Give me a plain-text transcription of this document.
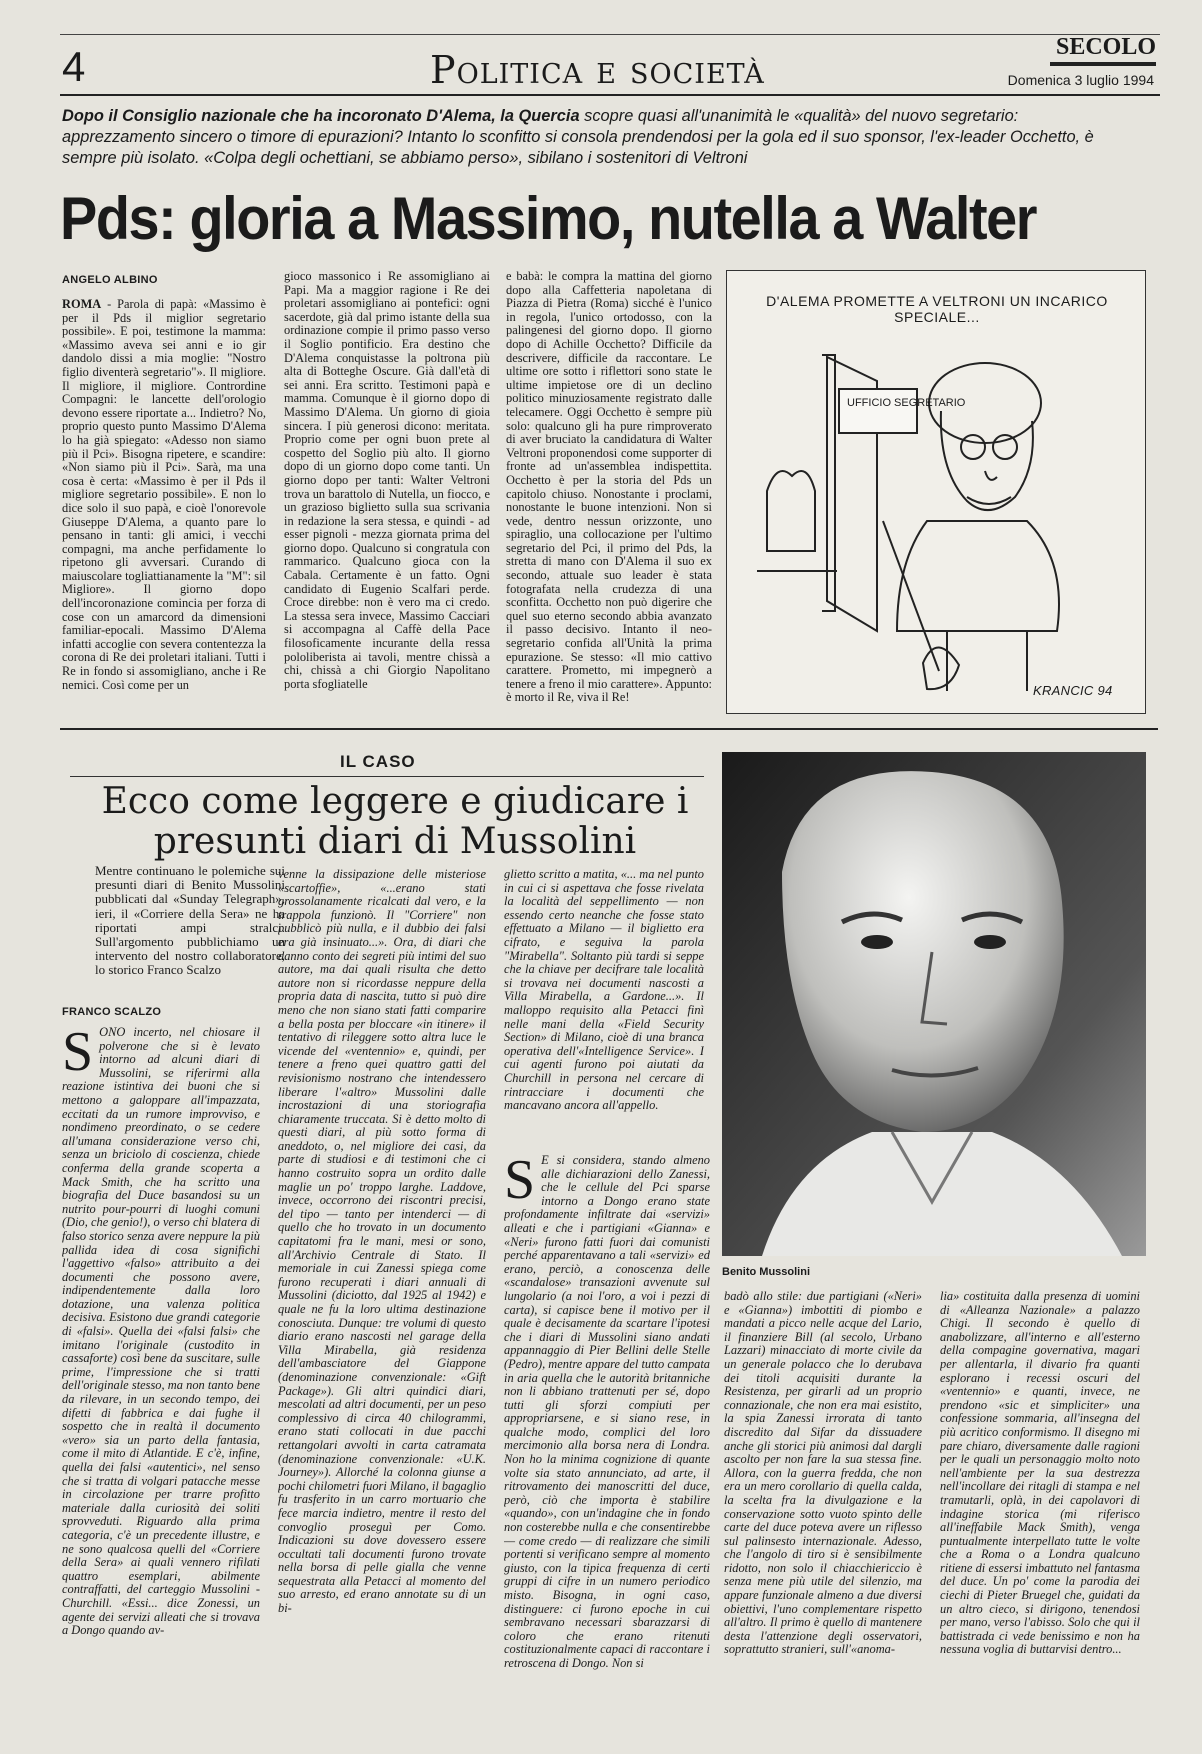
4	Politica e società
SECOLO
Domenica 3 luglio 1994
Dopo il Consiglio nazionale che ha incoronato D'Alema, la Quercia scopre quasi all'unanimità le «qualità» del nuovo segretario: apprezzamento sincero o timore di epurazioni? Intanto lo sconfitto si consola prendendosi per la gola ed il suo sponsor, l'ex-leader Occhetto, è sempre più isolato. «Colpa degli ochettiani, se abbiamo perso», sibilano i sostenitori di Veltroni
Pds: gloria a Massimo, nutella a Walter
ANGELO ALBINO
ROMA - Parola di papà: «Massimo è per il Pds il miglior segretario possibile». E poi, testimone la mamma: «Massimo aveva sei anni e io gir dandolo dissi a mia moglie: "Nostro figlio diventerà segretario"». Il migliore. Il migliore, il migliore. Contrordine Compagni: le lancette dell'orologio devono essere riportate a... Indietro? No, proprio questo punto Massimo D'Alema lo ha già spiegato: «Adesso non siamo più il Pci». Bisogna ripetere, e scandire: «Non siamo più il Pci». Sarà, ma una cosa è certa: «Massimo è per il Pds il migliore segretario possibile». E non lo dice solo il suo papà, e cioè l'onorevole Giuseppe D'Alema, a quanto pare lo pensano in tanti: gli amici, i vecchi compagni, ma anche perfidamente lo ripetono gli avversari. Curando di maiuscolare togliattianamente la "M": sil Migliore». Il giorno dopo dell'incoronazione comincia per forza di cose con un amarcord da dimensioni familiar-epocali. Massimo D'Alema infatti accoglie con severa contentezza la corona di Re dei proletari italiani. Tutti i Re in fondo si assomigliano, anche i Re nemici. Così come per un
gioco massonico i Re assomigliano ai Papi. Ma a maggior ragione i Re dei proletari assomigliano ai pontefici: ogni sacerdote, già dal primo istante della sua ordinazione compie il primo passo verso il Soglio pontificio. Era destino che D'Alema conquistasse la poltrona più alta di Botteghe Oscure. Già dall'età di sei anni. Era scritto. Testimoni papà e mamma. Comunque è il giorno dopo di Massimo D'Alema. Un giorno di gioia sincera. I più generosi dicono: meritata. Proprio come per ogni buon prete al cospetto del Soglio più alto. Il giorno dopo di un giorno dopo come tanti. Un giorno dopo per tanti: Walter Veltroni trova un barattolo di Nutella, un fiocco, e un grazioso biglietto sulla sua scrivania in redazione la sera stessa, e quindi - ad esser pignoli - mezza giornata prima del giorno dopo. Qualcuno si congratula con rammarico. Qualcuno gioca con la Cabala. Certamente è un fatto. Ogni candidato di Eugenio Scalfari perde. Croce direbbe: non è vero ma ci credo. La stessa sera invece, Massimo Cacciari si accompagna al Caffè della Pace filosoficamente incurante della ressa pololiberista ai tavoli, mentre chissà a chi, chissà a chi Giorgio Napolitano porta sfogliatelle
e babà: le compra la mattina del giorno dopo alla Caffetteria napoletana di Piazza di Pietra (Roma) sicché è l'unico in regola, l'unico ortodosso, con la palingenesi del giorno dopo. Il giorno dopo di Achille Occhetto? Difficile da descrivere, difficile da raccontare. Le ultime ore sotto i riflettori sono state le ultime impietose ore di un declino politico minuziosamente registrato dalle telecamere. Oggi Occhetto è sempre più solo: qualcuno gli ha pure rimproverato di aver bruciato la candidatura di Walter Veltroni proponendosi come supporter di fronte ad un'assemblea indispettita. Occhetto è per la storia del Pds un capitolo chiuso. Nonostante i proclami, nonostante le buone intenzioni. Non si vede, dentro nessun orizzonte, uno spiraglio, una collocazione per l'ultimo segretario del Pci, il primo del Pds, la stretta di mano con D'Alema il suo ex secondo, attuale suo leader è stata fotografata nella crudezza di una sconfitta. Occhetto non può digerire che quel suo eterno secondo abbia avanzato il passo decisivo. Intanto il neo-segretario confida all'Unità la prima epurazione. Se stesso: «Il mio cattivo carattere. Prometto, mi impegnerò a tenere a freno il mio carattere». Appunto: è morto il Re, viva il Re!
D'ALEMA PROMETTE A VELTRONI UN INCARICO SPECIALE...
UFFICIO SEGRETARIO
KRANCIC 94
IL CASO
Ecco come leggere e giudicare i presunti diari di Mussolini
Mentre continuano le polemiche sui presunti diari di Benito Mussolini pubblicati dal «Sunday Telegraph», ieri, il «Corriere della Sera» ne ha riportati ampi stralci. Sull'argomento pubblichiamo un intervento del nostro collaboratore, lo storico Franco Scalzo
FRANCO SCALZO
SONO incerto, nel chiosare il polverone che si è levato intorno ad alcuni diari di Mussolini, se riferirmi alla reazione istintiva dei buoni che si mettono a galoppare all'impazzata, eccitati da un rumore improvviso, e nondimeno preordinato, o se cedere all'umana considerazione verso chi, senza un briciolo di coscienza, chiede conferma della grande scoperta a Mack Smith, che ha scritto una biografia del Duce basandosi su un nutrito pour-pourri di luoghi comuni (Dio, che genio!), o verso chi blatera di falso storico senza avere neppure la più pallida idea di cosa significhi l'aggettivo «falso» attribuito a dei documenti che possono avere, indipendentemente dalla loro dotazione, una valenza politica decisiva. Esistono due grandi categorie di «falsi». Quella dei «falsi falsi» che imitano l'originale (custodito in cassaforte) così bene da suscitare, sulle prime, l'impressione che si tratti dell'originale stesso, ma non tanto bene da rilevare, in un secondo tempo, dei difetti di fabbrica e dai fughe il sospetto che in realtà il documento «vero» sia un parto della fantasia, come il mito di Atlantide. E c'è, infine, quella dei falsi «autentici», nel senso che si tratta di volgari patacche messe in circolazione per trarre profitto materiale dalla curiosità dei soliti sprovveduti. Riguardo alla prima categoria, c'è un precedente illustre, e ne sono qualcosa quelli del «Corriere della Sera» ai quali vennero rifilati quattro esemplari, abilmente contraffatti, del carteggio Mussolini - Churchill. «Essi... dice Zonessi, un agente dei servizi alleati che si trovava a Dongo quando av-
venne la dissipazione delle misteriose «scartoffie», «...erano stati grossolanamente ricalcati dal vero, e la trappola funzionò. Il "Corriere" non pubblicò più nulla, e il dubbio dei falsi era già insinuato...». Ora, di diari che danno conto dei segreti più intimi del suo autore, ma dai quali risulta che detto autore non si ricordasse neppure della propria data di nascita, tutto si può dire meno che non siano stati fatti comparire a bella posta per bloccare «in itinere» il tentativo di rileggere sotto altra luce le vicende del «ventennio» e, quindi, per tenere a freno quei quattro gatti del revisionismo nostrano che intendessero liberare l'«altro» Mussolini dalle incrostazioni di una storiografia chiaramente truccata. Si è detto molto di questi diari, al più sotto forma di aneddoto, o, nel migliore dei casi, da parte di studiosi e di testimoni che ci hanno costruito sopra un ordito dalle maglie un po' troppo larghe. Laddove, invece, occorrono dei riscontri precisi, del tipo — tanto per intenderci — di quello che ho trovato in un documento capitatomi fra le mani, mesi or sono, all'Archivio Centrale di Stato. Il memoriale in cui Zanessi spiega come furono recuperati i diari annuali di Mussolini (diciotto, dal 1925 al 1942) e quale ne fu la loro ultima destinazione conosciuta. Dunque: tre volumi di questo diario erano nascosti nel garage della Villa Mirabella, già residenza dell'ambasciatore del Giappone (denominazione convenzionale: «Gift Package»). Gli altri quindici diari, mescolati ad altri documenti, per un peso complessivo di circa 40 chilogrammi, erano stati collocati in due pacchi rettangolari avvolti in carta catramata (denominazione convenzionale: «U.K. Journey»). Allorché la colonna giunse a pochi chilometri fuori Milano, il bagaglio fu trasferito in un carro mortuario che fece marcia indietro, mentre il resto del convoglio proseguì per Como. Indicazioni su dove dovessero essere occultati tali documenti furono trovate nella borsa di pelle gialla che venne sequestrata alla Petacci al momento del suo arresto, ed erano annotate su di un bi-
glietto scritto a matita, «... ma nel punto in cui ci si aspettava che fosse rivelata la località del seppellimento — non essendo certo neanche che fosse stato effettuato a Milano — il biglietto era cifrato, e seguiva la parola "Mirabella". Soltanto più tardi si seppe che la chiave per decifrare tale località si trovava nei documenti nascosti a Villa Mirabella, a Gardone...». Il malloppo requisito alla Petacci finì nelle mani della «Field Security Section» di Milano, cioè di una branca operativa dell'«Intelligence Service». I cui agenti furono poi aiutati da Churchill in persona nel cercare di rintracciare i documenti che mancavano ancora all'appello.
S E si considera, stando almeno alle dichiarazioni dello Zanessi, che le cellule del Pci sparse intorno a Dongo erano state profondamente infiltrate dai «servizi» alleati e che i partigiani «Gianna» e «Neri» furono fatti fuori dai comunisti perché apparentavano a tali «servizi» ed erano, perciò, a conoscenza delle «scandalose» transazioni avvenute sul lungolario (a noi l'oro, a voi i pezzi di carta), si capisce bene il motivo per il quale è decisamente da scartare l'ipotesi che i diari di Mussolini siano andati appannaggio di Pier Bellini delle Stelle (Pedro), mentre appare del tutto campata in aria quella che le autorità britanniche non li abbiano trattenuti per sé, dopo tutti gli sforzi compiuti per appropriarsene, e si siano rese, in qualche modo, complici del loro mercimonio alla borsa nera di Londra. Non ho la minima cognizione di quante volte sia stato annunciato, ad arte, il ritrovamento dei manoscritti del duce, però, ciò che importa è stabilire «quando», con un'indagine che in fondo non costerebbe nulla e che consentirebbe — come credo — di realizzare che simili portenti si verificano sempre al momento giusto, con la tipica frequenza di certi gruppi di cifre in un numero periodico misto. Bisogna, in ogni caso, distinguere: ci furono epoche in cui sembravano necessari sbarazzarsi di coloro che erano ritenuti costituzionalmente capaci di raccontare i retroscena di Dongo. Non si
badò allo stile: due partigiani («Neri» e «Gianna») imbottiti di piombo e mandati a picco nelle acque del Lario, il finanziere Bill (al secolo, Urbano Lazzari) minacciato di morte civile da un generale polacco che lo derubava dei titoli acquisiti durante la Resistenza, per girarli ad un proprio connazionale, che non era mai esistito, la spia Zanessi irrorata di tanto discredito dal Sifar da dissuadere anche gli storici più animosi dal dargli ascolto per non fare la sua stessa fine. Allora, con la guerra fredda, che non era un mero corollario di quella calda, la scelta fra la divulgazione e la conservazione sotto vuoto spinto delle carte del duce poteva avere un riflesso sul palinsesto internazionale. Adesso, che l'angolo di tiro si è sensibilmente ridotto, non solo il chiacchiericcio è senza mene più utile del silenzio, ma appare funzionale almeno a due diversi obiettivi, l'uno complementare rispetto all'altro. Il primo è quello di mantenere desta l'attenzione degli osservatori, soprattutto stranieri, sull'«anoma-
lia» costituita dalla presenza di uomini di «Alleanza Nazionale» a palazzo Chigi. Il secondo è quello di anabolizzare, all'interno e all'esterno della compagine governativa, magari per allentarla, il divario fra quanti esplorano i recessi oscuri del «ventennio» e quanti, invece, ne prendono «sic et simpliciter» una confessione sommaria, all'insegna del più acritico conformismo. Il disegno mi pare chiaro, diversamente dalle ragioni per le quali un personaggio molto noto nell'ambiente per la sua destrezza nell'incollare dei ritagli di stampa e nel tramutarli, oplà, in dei capolavori di indagine storica (mi riferisco all'ineffabile Mack Smith), venga puntualmente interpellato tutte le volte che a Roma o a Londra qualcuno ritiene di essersi imbattuto nel fantasma del duce. Un po' come la parodia dei ciechi di Pieter Bruegel che, guidati da un altro cieco, si dirigono, tenendosi per mano, verso l'abisso. Solo che qui il battistrada ci vede benissimo e non ha nessuna voglia di buttarvisi dentro...
Benito Mussolini
